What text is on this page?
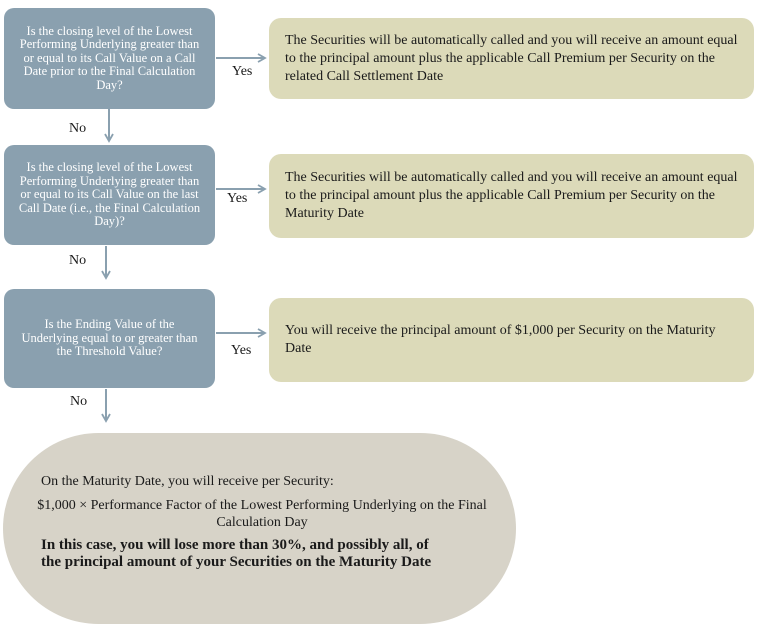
Is the closing level of the Lowest Performing Underlying greater than or equal to its Call Value on a Call Date prior to the Final Calculation Day?
Yes
The Securities will be automatically called and you will receive an amount equal to the principal amount plus the applicable Call Premium per Security on the related Call Settlement Date
No
Is the closing level of the Lowest Performing Underlying greater than or equal to its Call Value on the last Call Date (i.e., the Final Calculation Day)?
Yes
The Securities will be automatically called and you will receive an amount equal to the principal amount plus the applicable Call Premium per Security on the Maturity Date
No
Is the Ending Value of the Underlying equal to or greater than the Threshold Value?	Yes
You will receive the principal amount of $1,000 per Security on the Maturity Date
No
On the Maturity Date, you will receive per Security:
$1,000 × Performance Factor of the Lowest Performing Underlying on the Final Calculation Day
In this case, you will lose more than 30%, and possibly all, of the principal amount of your Securities on the Maturity Date
